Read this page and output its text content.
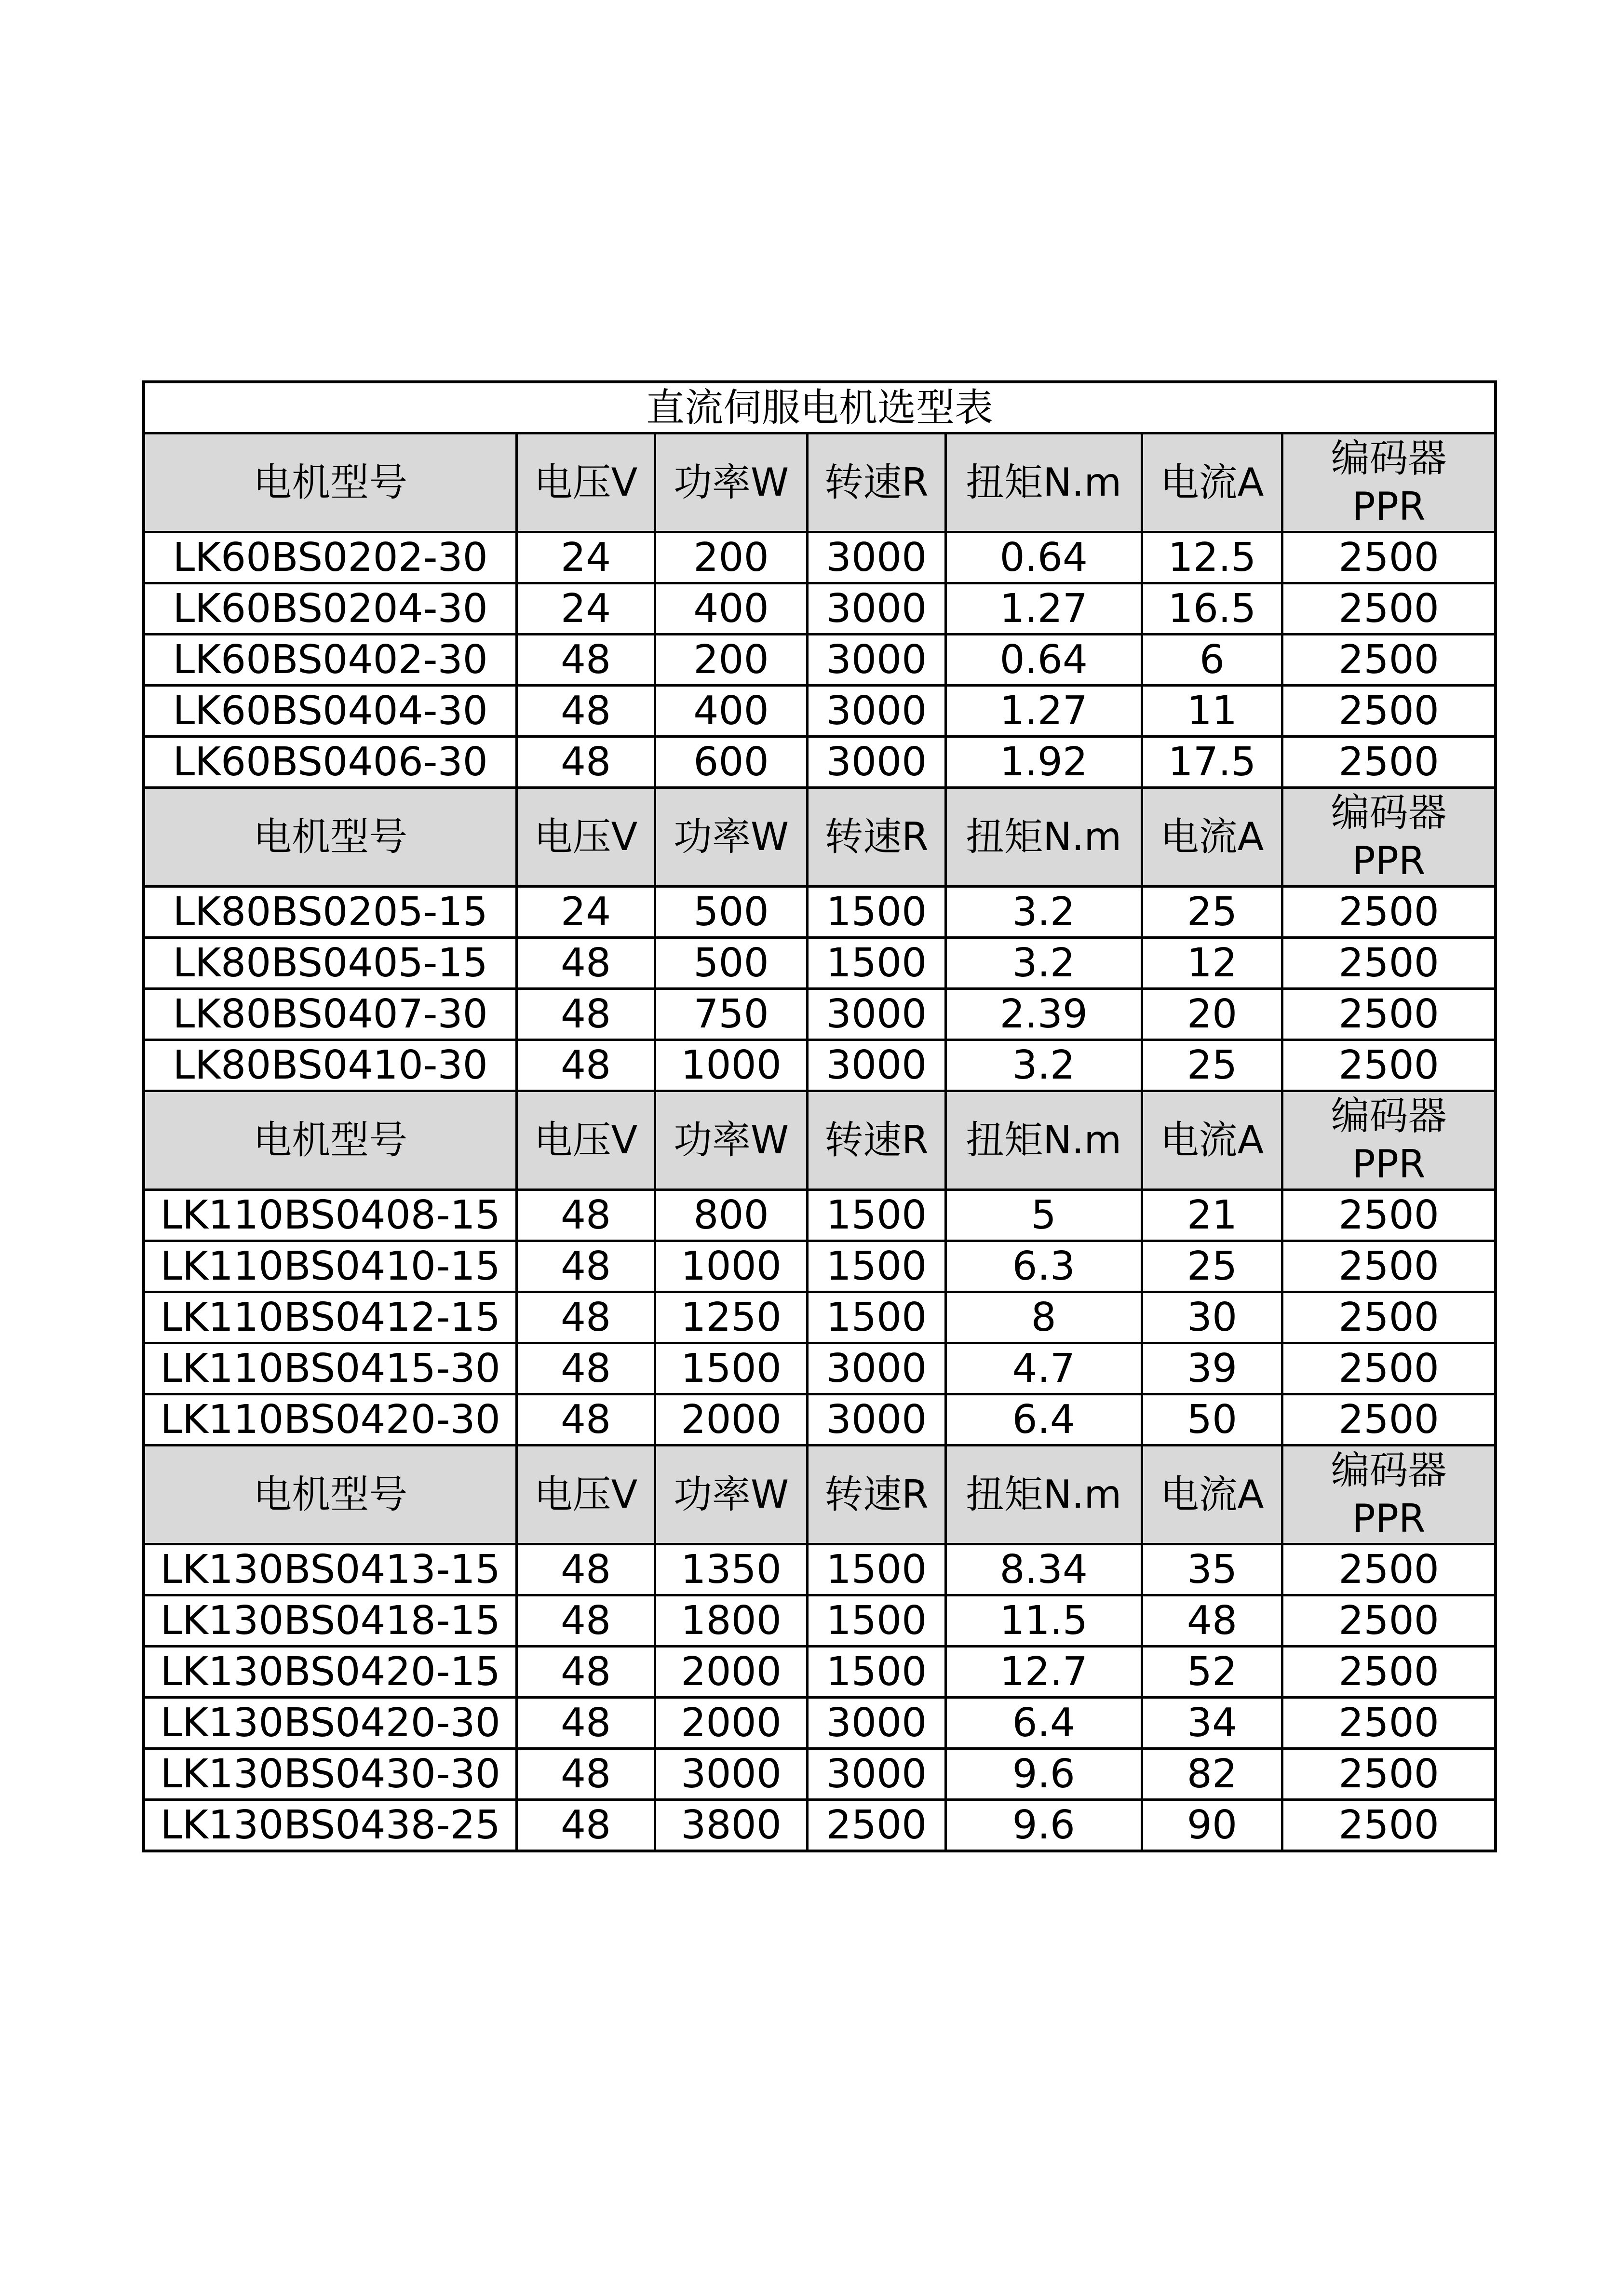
直流伺服电机选型表						
电机型号	电压V	功率W	转速R	扭矩N.m	电流A	编码器
PPR
LK60BS0202-30	24	200	3000	0.64	12.5	2500
LK60BS0204-30	24	400	3000	1.27	16.5	2500
LK60BS0402-30	48	200	3000	0.64	6	2500
LK60BS0404-30	48	400	3000	1.27	11	2500
LK60BS0406-30	48	600	3000	1.92	17.5	2500
电机型号	电压V	功率W	转速R	扭矩N.m	电流A	编码器
PPR
LK80BS0205-15	24	500	1500	3.2	25	2500
LK80BS0405-15	48	500	1500	3.2	12	2500
LK80BS0407-30	48	750	3000	2.39	20	2500
LK80BS0410-30	48	1000	3000	3.2	25	2500
电机型号	电压V	功率W	转速R	扭矩N.m	电流A	编码器
PPR
LK110BS0408-15	48	800	1500	5	21	2500
LK110BS0410-15	48	1000	1500	6.3	25	2500
LK110BS0412-15	48	1250	1500	8	30	2500
LK110BS0415-30	48	1500	3000	4.7	39	2500
LK110BS0420-30	48	2000	3000	6.4	50	2500
电机型号	电压V	功率W	转速R	扭矩N.m	电流A	编码器
PPR
LK130BS0413-15	48	1350	1500	8.34	35	2500
LK130BS0418-15	48	1800	1500	11.5	48	2500
LK130BS0420-15	48	2000	1500	12.7	52	2500
LK130BS0420-30	48	2000	3000	6.4	34	2500
LK130BS0430-30	48	3000	3000	9.6	82	2500
LK130BS0438-25	48	3800	2500	9.6	90	2500
